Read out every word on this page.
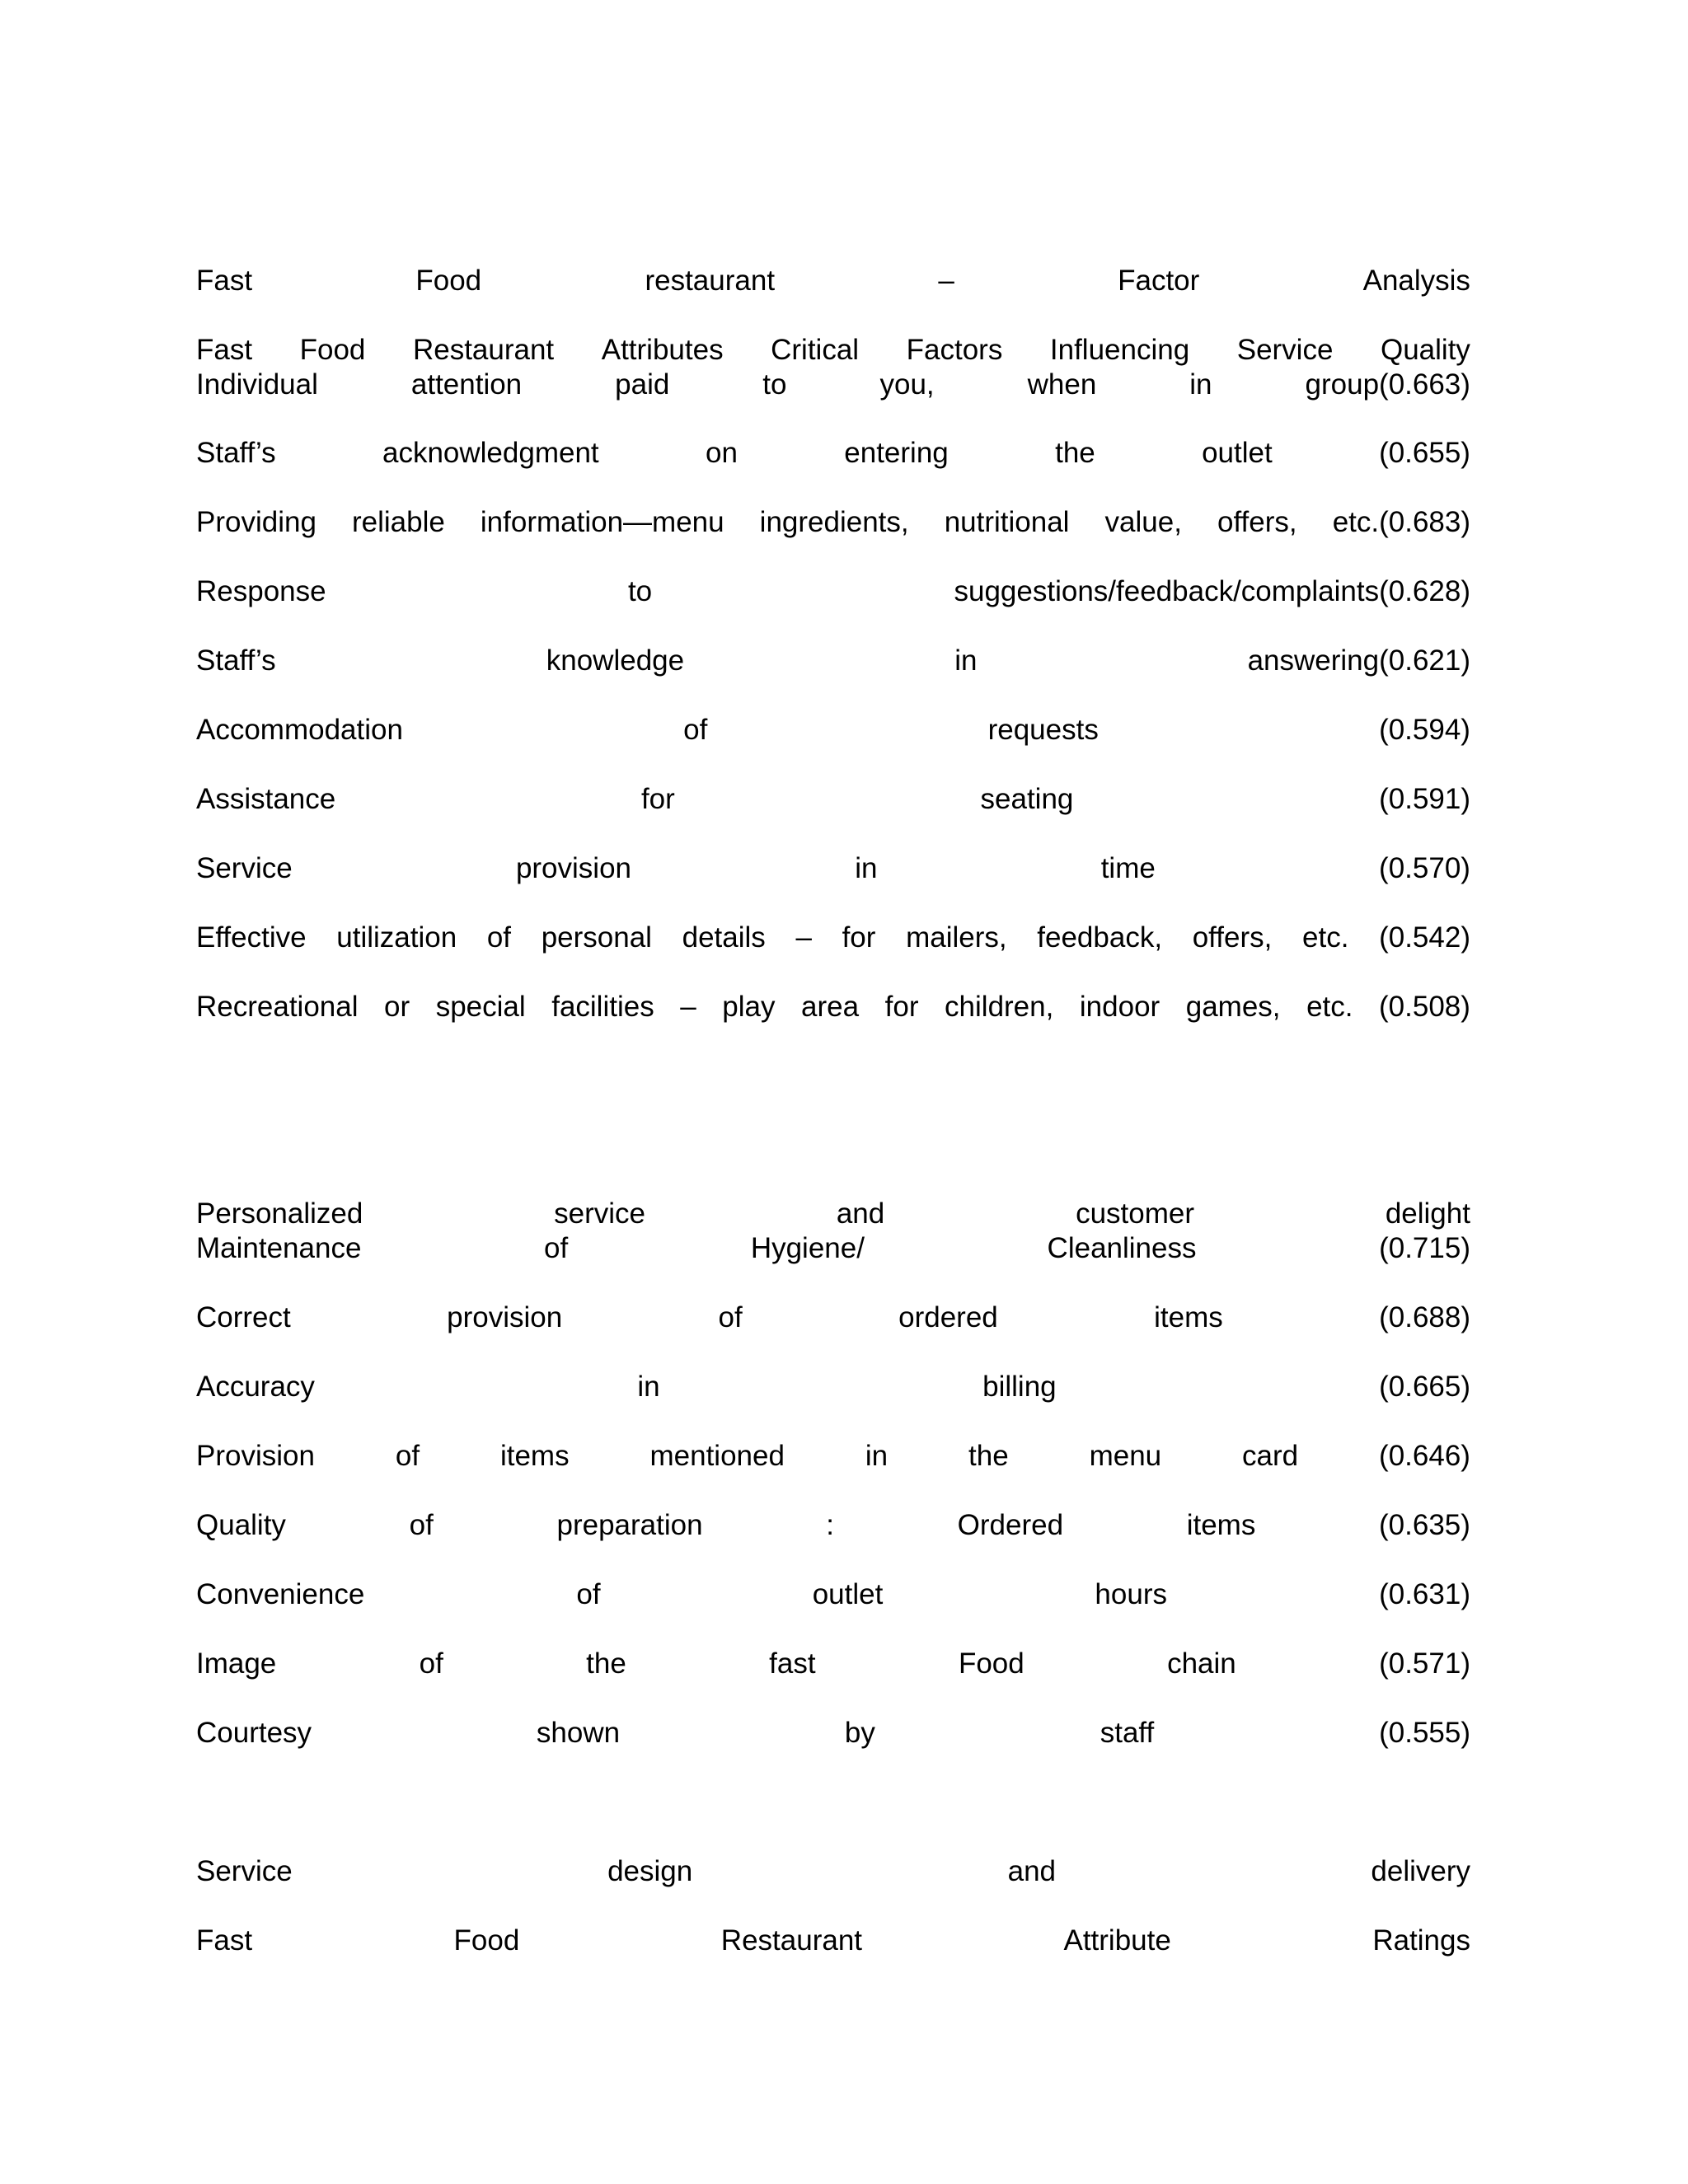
Fast	Food	restaurant	–	Factor	Analysis
Fast Food Restaurant Attributes Critical Factors Influencing Service Quality
Individual	attention	paid	to	you,	when	in	group(0.663)
Staff’s	acknowledgment	on	entering	the	outlet	(0.655)
Providing reliable information—menu ingredients, nutritional value, offers, etc.(0.683)
Response	to	suggestions/feedback/complaints(0.628)
Staff’s	knowledge	in	answering(0.621)
Accommodation	of	requests	(0.594)
Assistance	for	seating	(0.591)
Service	provision	in	time	(0.570)
Effective utilization of personal details – for mailers, feedback, offers, etc. (0.542)
Recreational or special facilities – play area for children, indoor games, etc. (0.508)
Personalized	service	and	customer	delight
Maintenance	of	Hygiene/	Cleanliness	(0.715)
Correct	provision	of	ordered	items	(0.688)
Accuracy	in	billing	(0.665)
Provision	of	items	mentioned	in	the	menu	card	(0.646)
Quality	of	preparation	:	Ordered	items	(0.635)
Convenience	of	outlet	hours	(0.631)
Image	of	the	fast	Food	chain	(0.571)
Courtesy	shown	by	staff	(0.555)
Service	design	and	delivery
Fast	Food	Restaurant	Attribute	Ratings
